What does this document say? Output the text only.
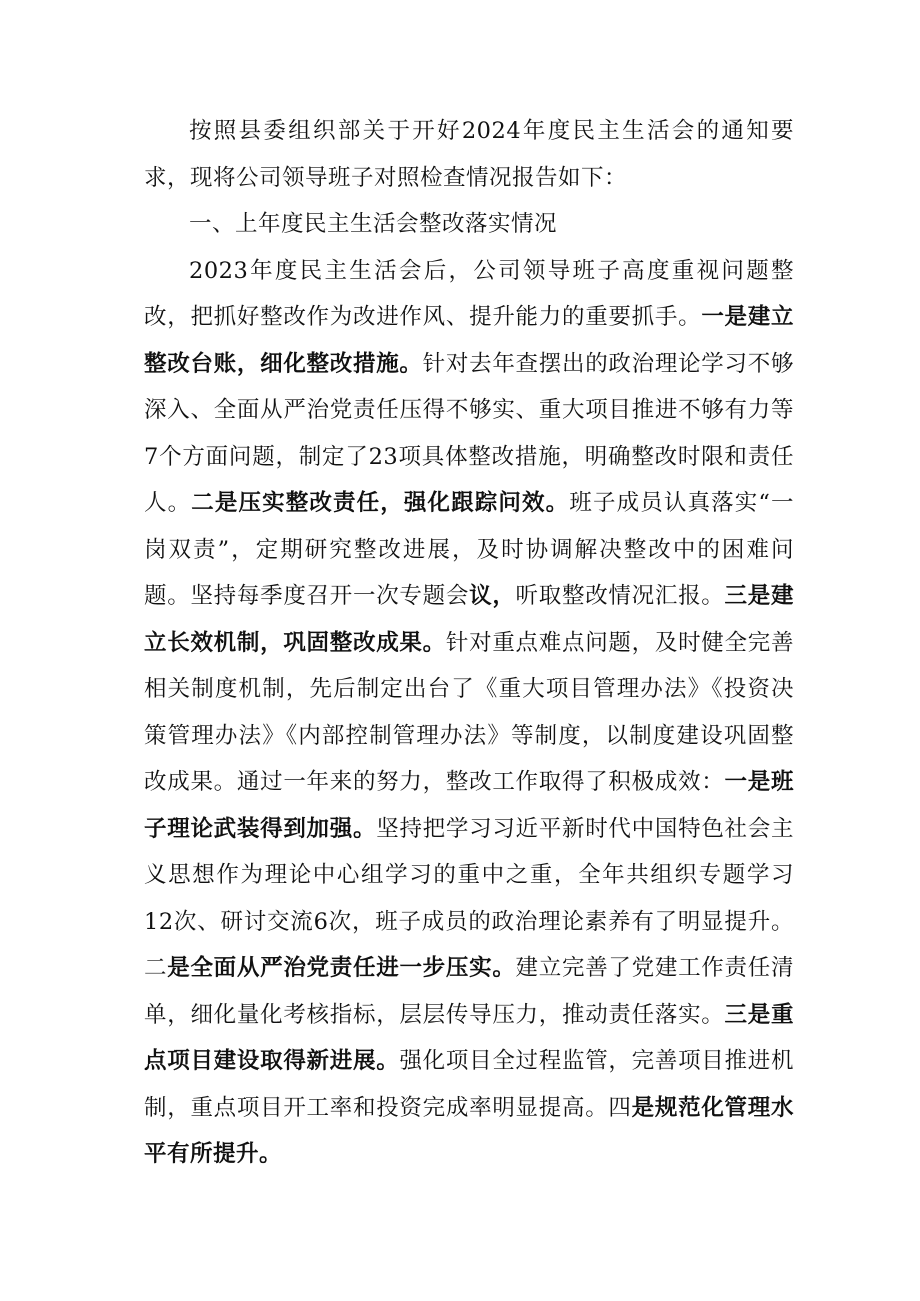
按照县委组织部关于开好2024年度民主生活会的通知要求，现将公司领导班子对照检查情况报告如下：

一、上年度民主生活会整改落实情况

2023年度民主生活会后，公司领导班子高度重视问题整改，把抓好整改作为改进作风、提升能力的重要抓手。一是建立整改台账，细化整改措施。针对去年查摆出的政治理论学习不够深入、全面从严治党责任压得不够实、重大项目推进不够有力等7个方面问题，制定了23项具体整改措施，明确整改时限和责任人。二是压实整改责任，强化跟踪问效。班子成员认真落实“一岗双责”，定期研究整改进展，及时协调解决整改中的困难问题。坚持每季度召开一次专题会议，听取整改情况汇报。三是建立长效机制，巩固整改成果。针对重点难点问题，及时健全完善相关制度机制，先后制定出台了《重大项目管理办法》《投资决策管理办法》《内部控制管理办法》等制度，以制度建设巩固整改成果。通过一年来的努力，整改工作取得了积极成效：一是班子理论武装得到加强。坚持把学习习近平新时代中国特色社会主义思想作为理论中心组学习的重中之重，全年共组织专题学习12次、研讨交流6次，班子成员的政治理论素养有了明显提升。二是全面从严治党责任进一步压实。建立完善了党建工作责任清单，细化量化考核指标，层层传导压力，推动责任落实。三是重点项目建设取得新进展。强化项目全过程监管，完善项目推进机制，重点项目开工率和投资完成率明显提高。四是规范化管理水平有所提升。
